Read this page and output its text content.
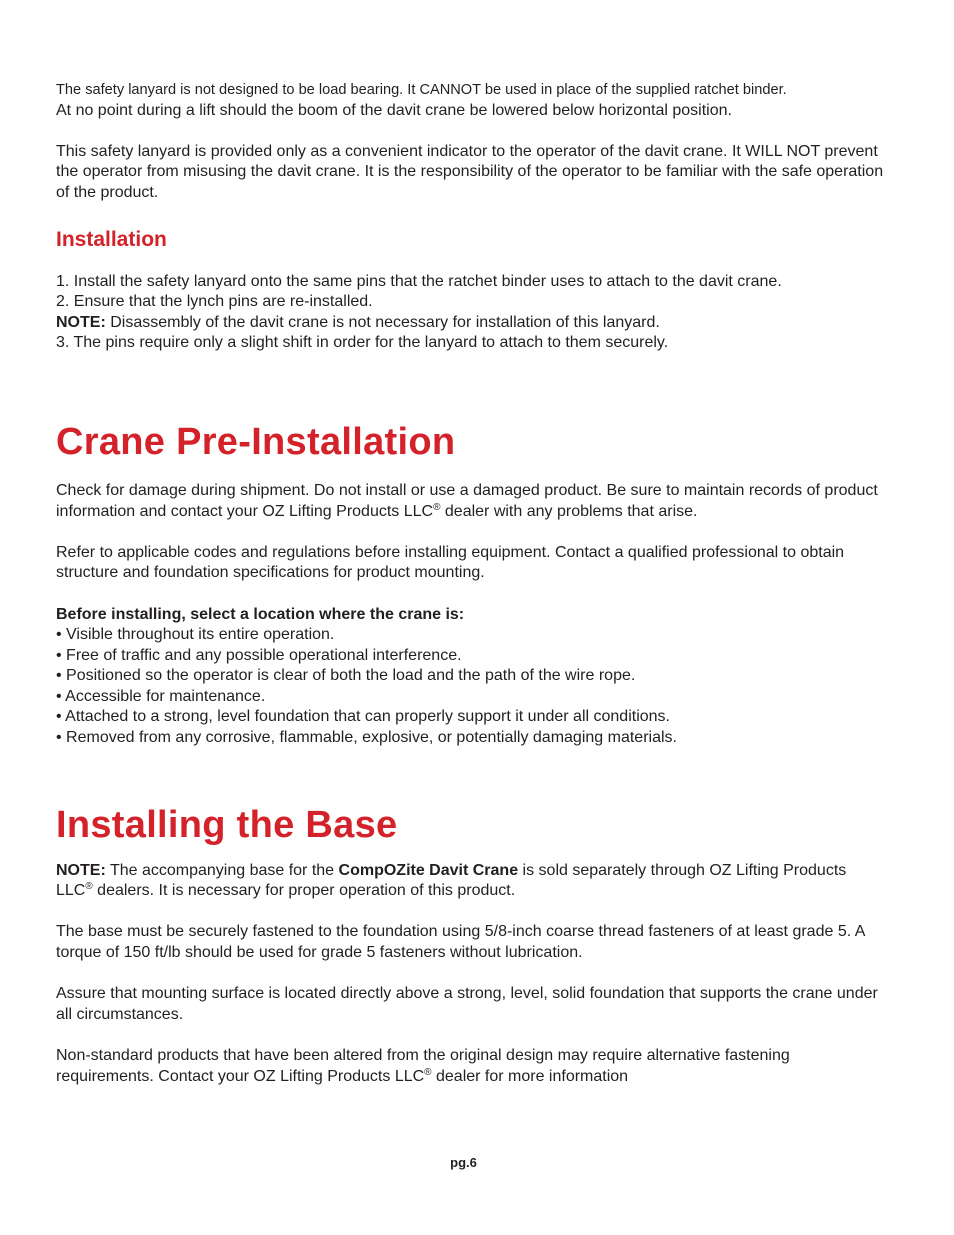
The safety lanyard is not designed to be load bearing. It CANNOT be used in place of the supplied ratchet binder.

At no point during a lift should the boom of the davit crane be lowered below horizontal position.

This safety lanyard is provided only as a convenient indicator to the operator of the davit crane. It WILL NOT prevent the operator from misusing the davit crane. It is the responsibility of the operator to be familiar with the safe operation of the product.

Installation

1. Install the safety lanyard onto the same pins that the ratchet binder uses to attach to the davit crane.

2. Ensure that the lynch pins are re-installed.

NOTE: Disassembly of the davit crane is not necessary for installation of this lanyard.

3. The pins require only a slight shift in order for the lanyard to attach to them securely.

Crane Pre-Installation

Check for damage during shipment. Do not install or use a damaged product. Be sure to maintain records of product information and contact your OZ Lifting Products LLC® dealer with any problems that arise.

Refer to applicable codes and regulations before installing equipment. Contact a qualified professional to obtain structure and foundation specifications for product mounting.

Before installing, select a location where the crane is:

• Visible throughout its entire operation.
• Free of traffic and any possible operational interference.
• Positioned so the operator is clear of both the load and the path of the wire rope.
• Accessible for maintenance.
• Attached to a strong, level foundation that can properly support it under all conditions.
• Removed from any corrosive, flammable, explosive, or potentially damaging materials.
Installing the Base

NOTE: The accompanying base for the CompOZite Davit Crane is sold separately through OZ Lifting Products LLC® dealers. It is necessary for proper operation of this product.

The base must be securely fastened to the foundation using 5/8-inch coarse thread fasteners of at least grade 5. A torque of 150 ft/lb should be used for grade 5 fasteners without lubrication.

Assure that mounting surface is located directly above a strong, level, solid foundation that supports the crane under all circumstances.

Non-standard products that have been altered from the original design may require alternative fastening requirements. Contact your OZ Lifting Products LLC® dealer for more information

pg.6
